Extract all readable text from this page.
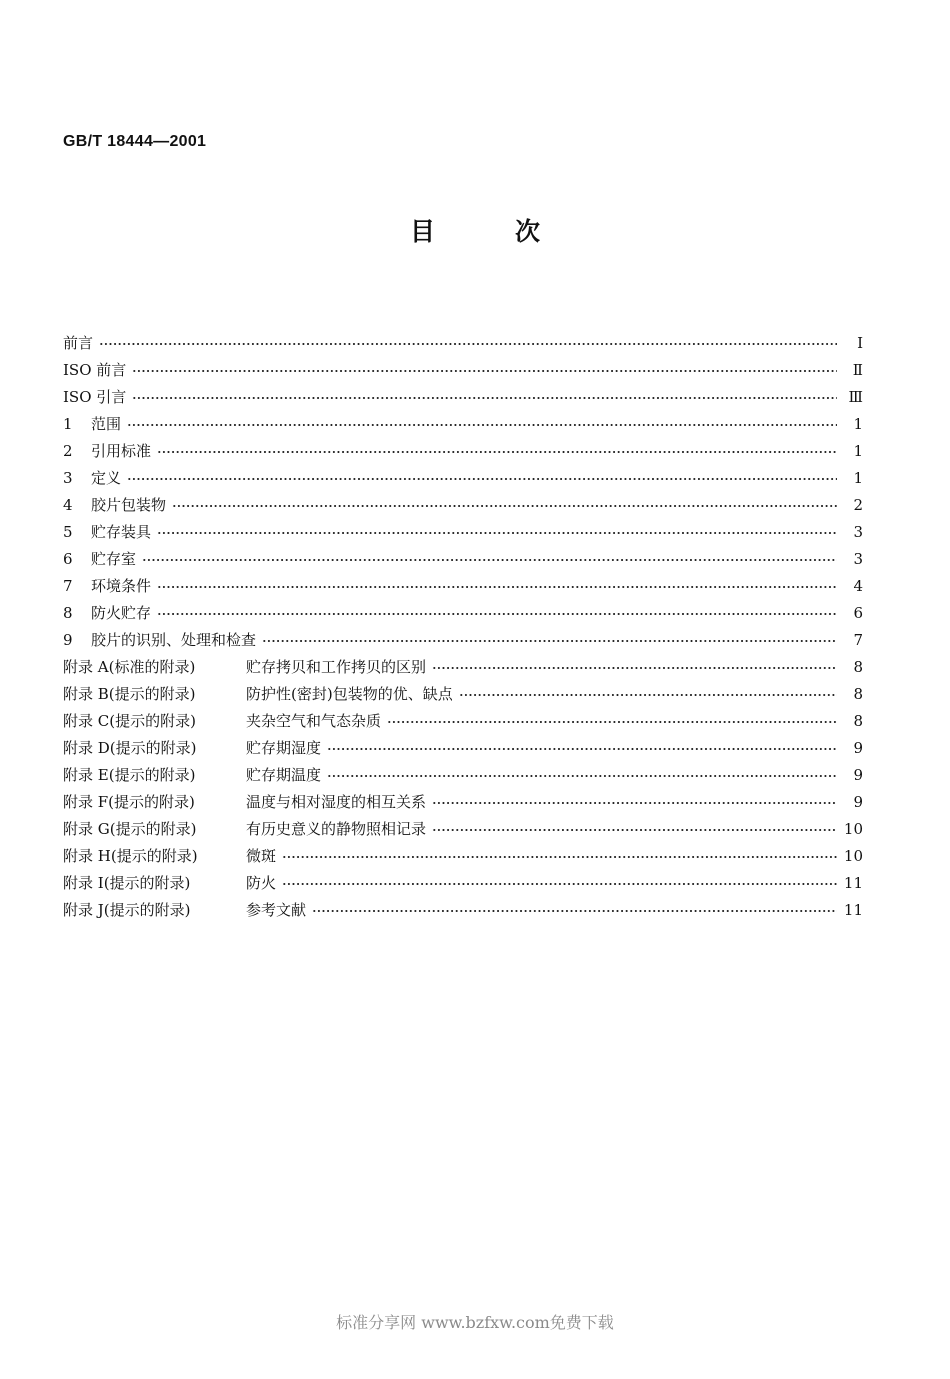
GB/T 18444—2001
目	次
前言	I
ISO 前言	Ⅱ
ISO 引言	Ⅲ
1	范围	1
2	引用标准	1
3	定义	1
4	胶片包装物	2
5	贮存装具	3
6	贮存室	3
7	环境条件	4
8	防火贮存	6
9	胶片的识别、处理和检查	7
附录 A(标准的附录)	贮存拷贝和工作拷贝的区别	8
附录 B(提示的附录)	防护性(密封)包装物的优、缺点	8
附录 C(提示的附录)	夹杂空气和气态杂质	8
附录 D(提示的附录)	贮存期湿度	9
附录 E(提示的附录)	贮存期温度	9
附录 F(提示的附录)	温度与相对湿度的相互关系	9
附录 G(提示的附录)	有历史意义的静物照相记录	10
附录 H(提示的附录)	微斑	10
附录 I(提示的附录)	防火	11
附录 J(提示的附录)	参考文献	11
标准分享网 www.bzfxw.com免费下载
